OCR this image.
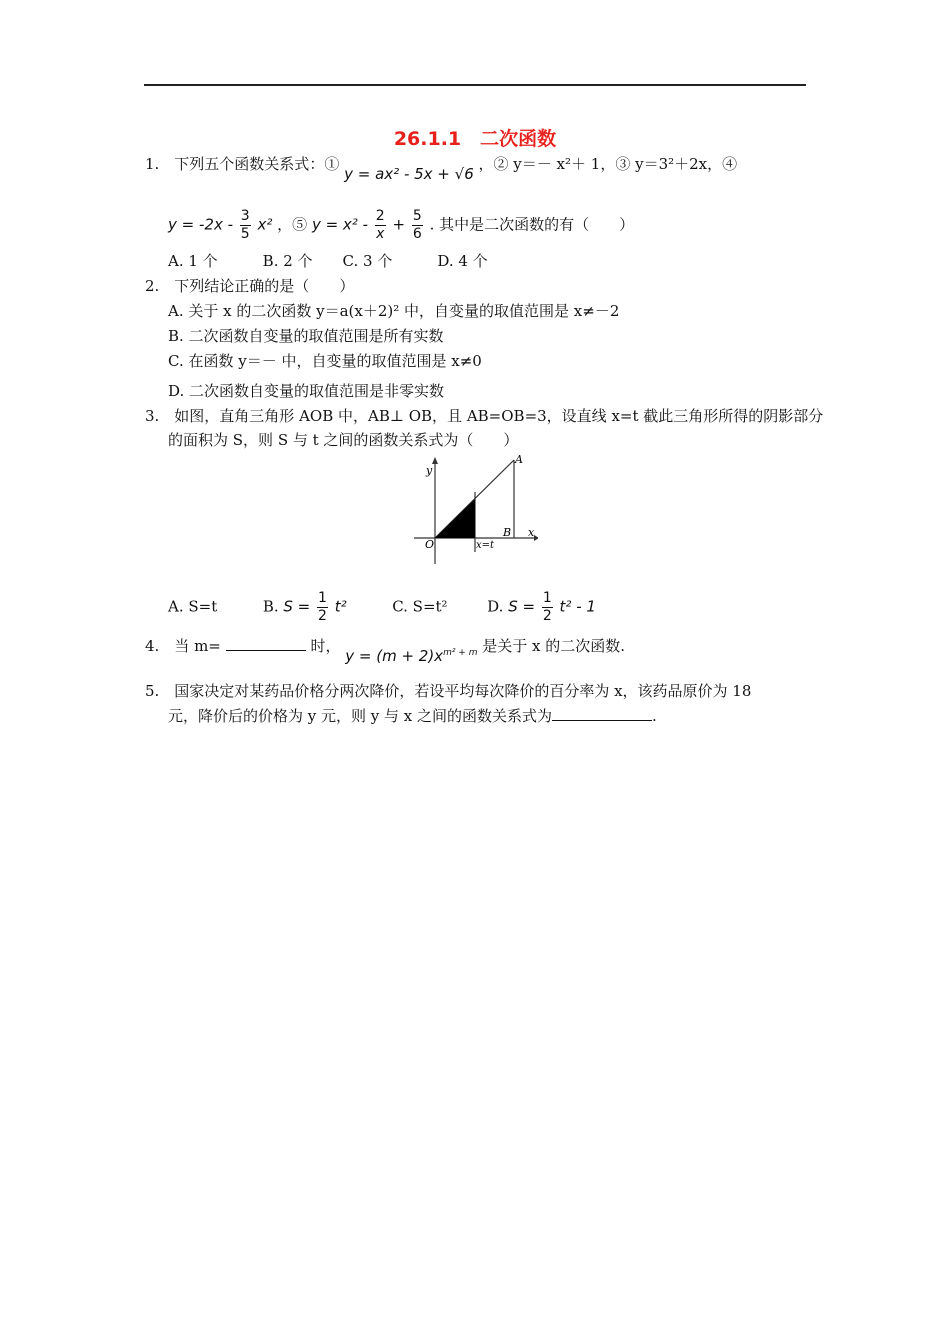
26.1.1　二次函数
1.　下列五个函数关系式：① y = ax² - 5x + √6 ，② y＝－ x²＋ 1，③ y＝3²＋2x，④
$y = -2x - \frac{3}{5} x^2$ ，⑤ $y = x^2 - \frac{2}{x} + \frac{5}{6}$ . 其中是二次函数的有（　　）
A. 1 个　　　B. 2 个　　C. 3 个　　　D. 4 个
2.　下列结论正确的是（　　）
A. 关于 x 的二次函数 y＝a(x＋2)² 中，自变量的取值范围是 x≠－2
B. 二次函数自变量的取值范围是所有实数
C. 在函数 y＝－ 中，自变量的取值范围是 x≠0
D. 二次函数自变量的取值范围是非零实数
3.　如图，直角三角形 AOB 中，AB⊥ OB，且 AB=OB=3，设直线 x=t 截此三角形所得的阴影部分
的面积为 S，则 S 与 t 之间的函数关系式为（　　）
y
x
A
B
O	x=t
A. S=t	B. $S = \frac{1}{2} t^2$	C. S=t²	D. $S = \frac{1}{2} t^2 - 1$
4.　当 m=	时， $y = (m + 2)x^{m^2 + m}$ 是关于 x 的二次函数.
5.　国家决定对某药品价格分两次降价，若设平均每次降价的百分率为 x，该药品原价为 18
元，降价后的价格为 y 元，则 y 与 x 之间的函数关系式为	.
